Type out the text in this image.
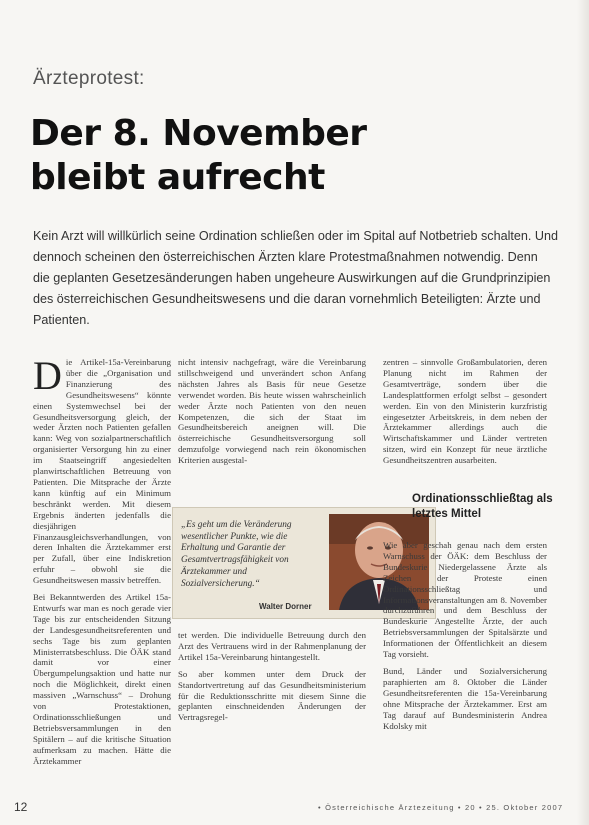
Ärzteprotest:
Der 8. November
bleibt aufrecht
Kein Arzt will willkürlich seine Ordination schließen oder im Spital auf Notbetrieb schalten. Und dennoch scheinen den österreichischen Ärzten klare Protestmaßnahmen notwendig. Denn die geplanten Gesetzesänderungen haben ungeheure Auswirkungen auf die Grundprinzipien des österreichischen Gesundheitswesens und die daran vornehmlich Beteiligten: Ärzte und Patienten.

Die Artikel-15a-Vereinbarung über die „Organisation und Finanzierung des Gesundheitswesens“ könnte einen Systemwechsel bei der Gesundheitsversorgung gleich, der weder Ärzten noch Patienten gefallen kann: Weg von sozialpartnerschaftlich organisierter Versorgung hin zu einer im Staatseingriff angesiedelten planwirtschaftlichen Betreuung von Patienten. Die Mitsprache der Ärzte kann künftig auf ein Minimum beschränkt werden. Mit diesem Ergebnis änderten jedenfalls die diesjährigen Finanzausgleichsverhandlungen, von deren Inhalten die Ärztekammer erst per Zufall, über eine Indiskretion erfuhr – obwohl sie die Gesundheitswesen massiv betreffen.

Bei Bekanntwerden des Artikel 15a-Entwurfs war man es noch gerade vier Tage bis zur entscheidenden Sitzung der Landesgesundheitsreferenten und sechs Tage bis zum geplanten Ministerratsbeschluss. Die ÖÄK stand damit vor einer Übergumpelungsaktion und hatte nur noch die Möglichkeit, direkt einen massiven „Warnschuss“ – Drohung von Protestaktionen, Ordinationsschließungen und Betriebsversammlungen in den Spitälern – auf die kritische Situation aufmerksam zu machen. Hätte die Ärztekammer

nicht intensiv nachgefragt, wäre die Vereinbarung stillschweigend und unverändert schon Anfang nächsten Jahres als Basis für neue Gesetze verwendet worden. Bis heute wissen wahrscheinlich weder Ärzte noch Patienten von den neuen Kompetenzen, die sich der Staat im Gesundheitsbereich aneignen will. Die österreichische Gesundheitsversorgung soll demzufolge vorwiegend nach rein ökonomischen Kriterien ausgestal-

„Es geht um die Veränderung wesentlicher Punkte, wie die Erhaltung und Garantie der Gesamtvertragsfähigkeit von Ärztekammer und Sozialversicherung.“
Walter Dorner

tet werden. Die individuelle Betreuung durch den Arzt des Vertrauens wird in der Rahmenplanung der Artikel 15a-Vereinbarung hintangestellt.

So aber kommen unter dem Druck der Standortvertretung auf das Gesundheitsministerium für die Reduktionsschritte mit diesem Sinne die geplanten einschneidenden Änderungen der Vertragsregel-

zentren – sinnvolle Großambulatorien, deren Planung nicht im Rahmen der Gesamtverträge, sondern über die Landesplattformen erfolgt selbst – gesondert werden. Ein von den Ministerin kurzfristig eingesetzter Arbeitskreis, in dem neben der Ärztekammer allerdings auch die Wirtschaftskammer und Länder vertreten sitzen, wird ein Konzept für neue ärztliche Gesundheitszentren ausarbeiten.

Ordinationsschließtag als letztes Mittel

Wie aber geschah genau nach dem ersten Warnschuss der ÖÄK: dem Beschluss der Bundeskurie Niedergelassene Ärzte als Zeichen der Proteste einen Ordinationsschließtag und Informationsveranstaltungen am 8. November durchzuführen und dem Beschluss der Bundeskurie Angestellte Ärzte, der auch Betriebsversammlungen der Spitalsärzte und Informationen der Öffentlichkeit an diesem Tag vorsieht.

Bund, Länder und Sozialversicherung paraphierten am 8. Oktober die Länder Gesundheitsreferenten die 15a-Vereinbarung ohne Mitsprache der Ärztekammer. Erst am Tag darauf auf Bundesministerin Andrea Kdolsky mit

12	• Österreichische Ärztezeitung • 20 • 25. Oktober 2007
